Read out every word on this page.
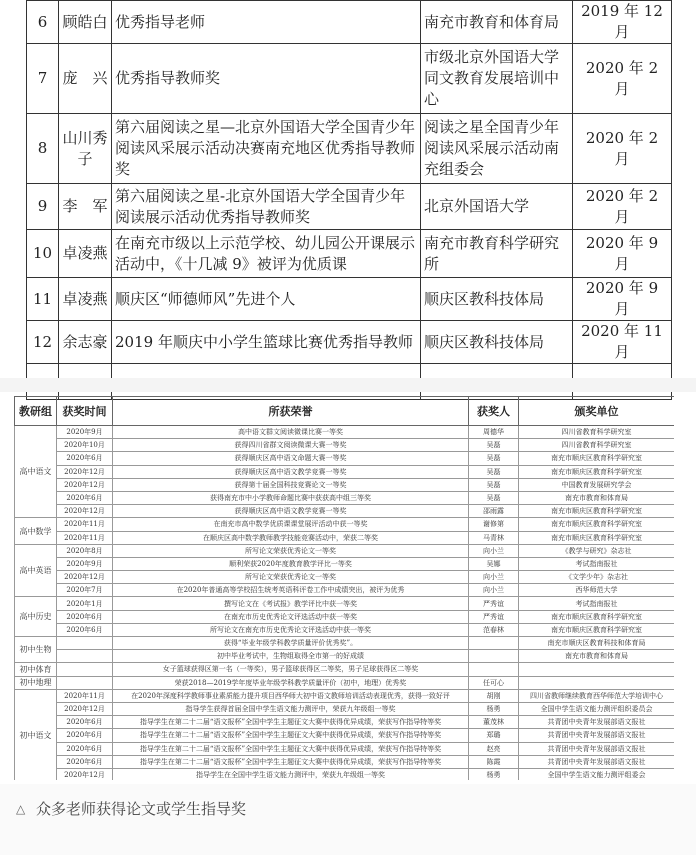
6	顾皓白	优秀指导老师	南充市教育和体育局	2019 年 12 月
7	庞　兴	优秀指导教师奖	市级北京外国语大学同文教育发展培训中心	2020 年 2 月
8	山川秀子	第六届阅读之星—北京外国语大学全国青少年阅读风采展示活动决赛南充地区优秀指导教师奖	阅读之星全国青少年阅读风采展示活动南充组委会	2020 年 2 月
9	李　军	第六届阅读之星-北京外国语大学全国青少年阅读展示活动优秀指导教师奖	北京外国语大学	2020 年 2 月
10	卓凌燕	在南充市级以上示范学校、幼儿园公开课展示活动中，《十几减 9》被评为优质课	南充市教育科学研究所	2020 年 9 月
11	卓凌燕	顺庆区“师德师风”先进个人	顺庆区教科技体局	2020 年 9 月
12	余志豪	2019 年顺庆中小学生篮球比赛优秀指导教师	顺庆区教科技体局	2020 年 11 月

教研组	获奖时间	所获荣誉	获奖人	颁奖单位
高中语文	2020年9月	高中语文群文阅读微课比赛一等奖	周德华	四川省教育科学研究室
	2020年10月	获得四川省群文阅读微课大赛一等奖	吴磊	四川省教育科学研究室
	2020年6月	获得顺庆区高中语文命题大赛一等奖	吴磊	南充市顺庆区教育科学研究室
	2020年12月	获得顺庆区高中语文教学竞赛一等奖	吴磊	南充市顺庆区教育科学研究室
	2020年12月	获得第十届全国科技竞赛论文一等奖	吴磊	中国教育发展研究学会
	2020年6月	获得南充市中小学教师命题比赛中获获高中组三等奖	吴磊	南充市教育和体育局
	2020年12月	获得顺庆区高中语文教学竞赛一等奖	邵雨露	南充市顺庆区教育科学研究室
高中数学	2020年11月	在南充市高中数学优质课课堂展评活动中获一等奖	谢修第	南充市顺庆区教育科学研究室
	2020年11月	在顺庆区高中数学教师教学技能竞赛活动中，荣获二等奖	马青林	南充市顺庆区教育科学研究室
高中英语	2020年8月	所写论文荣获优秀论文一等奖	向小兰	《教学与研究》杂志社
	2020年9月	顺利荣获2020年度教育教学评比一等奖	吴娜	考试指南报社
	2020年12月	所写论文荣获优秀论文一等奖	向小兰	《文学少年》杂志社
	2020年7月	在2020年普通高等学校招生统考英语科评卷工作中成绩突出，被评为优秀	向小兰	西华师范大学
高中历史	2020年1月	撰写论文在《考试报》教学评比中获一等奖	严秀谊	考试指南报社
	2020年6月	在南充市历史优秀论文评选活动中获一等奖	严秀谊	南充市顺庆区教育科学研究室
	2020年6月	所写论文在南充市历史优秀论文评选活动中获一等奖	范春林	南充市顺庆区教育科学研究室
初中生物		获得“毕业年级学科教学质量评价优秀奖”。		南充市顺庆区教育科技和体育局
		初中毕业考试中，生物组取得全市第一的好成绩		南充市教育和体育局
初中体育		女子篮球获得区第一名（一等奖），男子篮球获得区二等奖，男子足球获得区二等奖		
初中地理		荣获2018—2019学年度毕业年级学科教学质量评价（初中，地理）优秀奖	任可心	
初中语文	2020年11月	在2020年深度科学教师事业素质能力提升项目西华师大初中语文教师培训活动表现优秀，获得一致好评	胡刚	四川省教师继续教育西华师范大学培训中心
	2020年12月	指导学生获得首届全国中学生语文能力测评中，荣获九年级组一等奖	杨勇	全国中学生语文能力测评组织委员会
	2020年6月	指导学生在第二十二届“语文报杯”全国中学生主题征文大赛中获得优异成绩，荣获写作指导特等奖	董茂林	共青团中央青年发展部语文报社
	2020年6月	指导学生在第二十二届“语文报杯”全国中学生主题征文大赛中获得优异成绩，荣获写作指导特等奖	郑璐	共青团中央青年发展部语文报社
	2020年6月	指导学生在第二十二届“语文报杯”全国中学生主题征文大赛中获得优异成绩，荣获写作指导特等奖	赵亮	共青团中央青年发展部语文报社
	2020年6月	指导学生在第二十二届“语文报杯”全国中学生主题征文大赛中获得优异成绩，荣获写作指导特等奖	陈霞	共青团中央青年发展部语文报社
	2020年12月	指导学生在全国中学生语文能力测评中，荣获九年级组一等奖	杨勇	全国中学生语文能力测评组委会
△ 众多老师获得论文或学生指导奖
